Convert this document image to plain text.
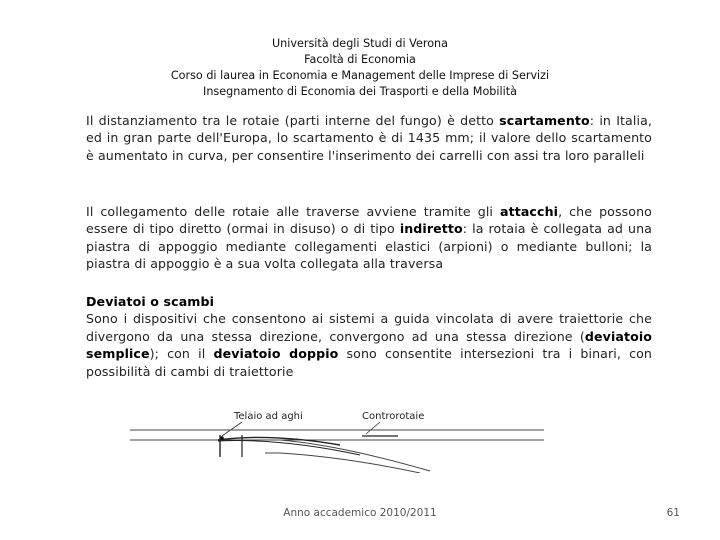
Università degli Studi di Verona
Facoltà di Economia
Corso di laurea in Economia e Management delle Imprese di Servizi
Insegnamento di Economia dei Trasporti e della Mobilità
Il distanziamento tra le rotaie (parti interne del fungo) è detto scartamento: in Italia, ed in gran parte dell'Europa, lo scartamento è di 1435 mm; il valore dello scartamento è aumentato in curva, per consentire l'inserimento dei carrelli con assi tra loro paralleli
Il collegamento delle rotaie alle traverse avviene tramite gli attacchi, che possono essere di tipo diretto (ormai in disuso) o di tipo indiretto: la rotaia è collegata ad una piastra di appoggio mediante collegamenti elastici (arpioni) o mediante bulloni; la piastra di appoggio è a sua volta collegata alla traversa
Deviatoi o scambi
Sono i dispositivi che consentono ai sistemi a guida vincolata di avere traiettorie che divergono da una stessa direzione, convergono ad una stessa direzione (deviatoio semplice); con il deviatoio doppio sono consentite intersezioni tra i binari, con possibilità di cambi di traiettorie
Telaio ad aghi	Controrotaie
Anno accademico 2010/2011	61
